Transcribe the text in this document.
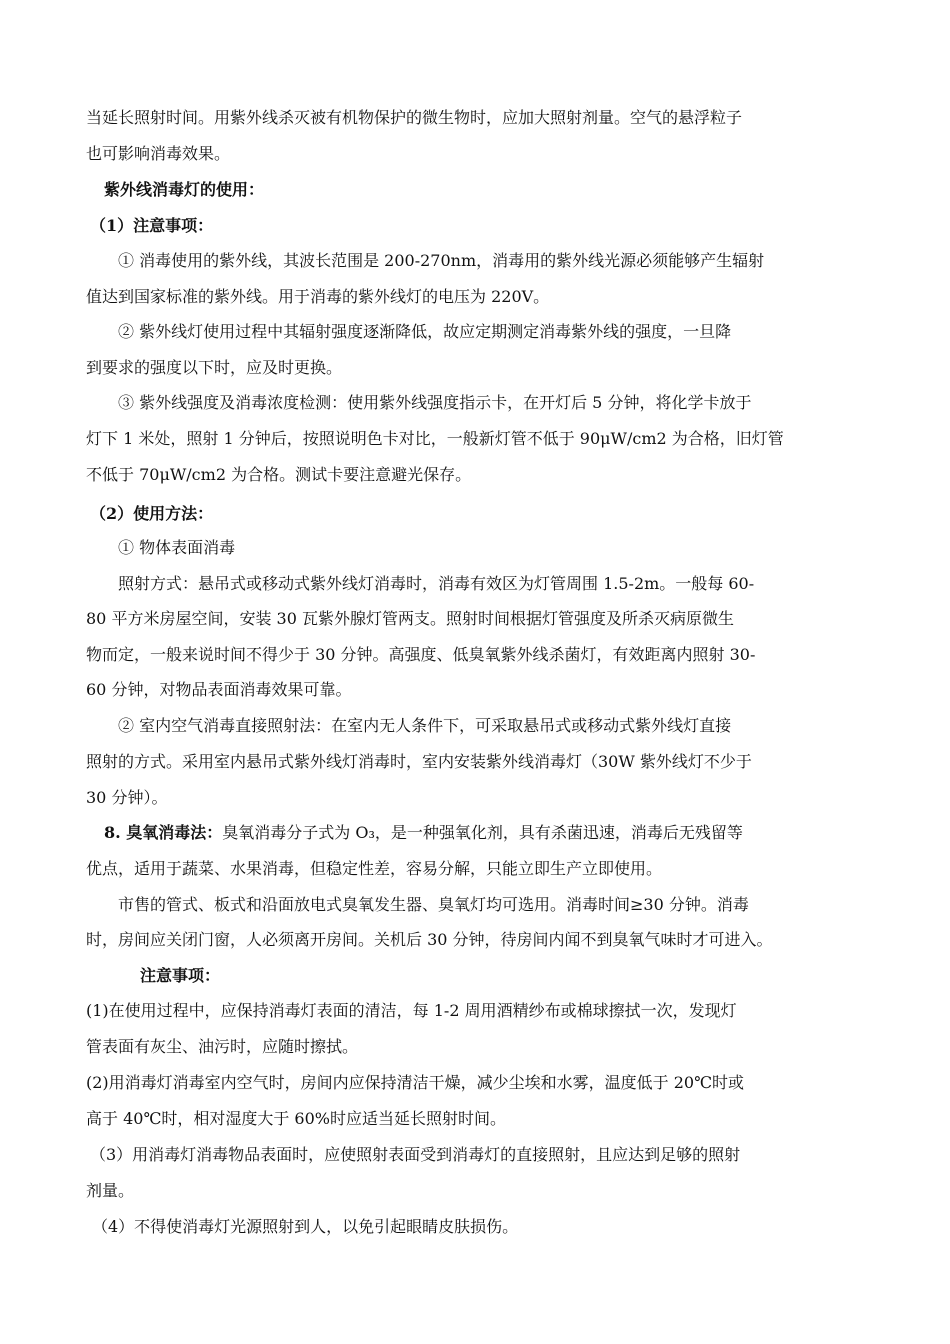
当延长照射时间。用紫外线杀灭被有机物保护的微生物时，应加大照射剂量。空气的悬浮粒子
也可影响消毒效果。
紫外线消毒灯的使用：
（1）注意事项：
① 消毒使用的紫外线，其波长范围是 200-270nm，消毒用的紫外线光源必须能够产生辐射
值达到国家标准的紫外线。用于消毒的紫外线灯的电压为 220V。
② 紫外线灯使用过程中其辐射强度逐渐降低，故应定期测定消毒紫外线的强度，一旦降
到要求的强度以下时，应及时更换。
③ 紫外线强度及消毒浓度检测：使用紫外线强度指示卡，在开灯后 5 分钟，将化学卡放于
灯下 1 米处，照射 1 分钟后，按照说明色卡对比，一般新灯管不低于 90μW/cm2 为合格，旧灯管
不低于 70μW/cm2 为合格。测试卡要注意避光保存。
（2）使用方法：
① 物体表面消毒
照射方式：悬吊式或移动式紫外线灯消毒时，消毒有效区为灯管周围 1.5-2m。一般每 60-
80 平方米房屋空间，安装 30 瓦紫外腺灯管两支。照射时间根据灯管强度及所杀灭病原微生
物而定，一般来说时间不得少于 30 分钟。高强度、低臭氧紫外线杀菌灯，有效距离内照射 30-
60 分钟，对物品表面消毒效果可靠。
② 室内空气消毒直接照射法：在室内无人条件下，可采取悬吊式或移动式紫外线灯直接
照射的方式。采用室内悬吊式紫外线灯消毒时，室内安装紫外线消毒灯（30W 紫外线灯不少于
30 分钟）。
8. 臭氧消毒法：臭氧消毒分子式为 O₃，是一种强氧化剂，具有杀菌迅速，消毒后无残留等
优点，适用于蔬菜、水果消毒，但稳定性差，容易分解，只能立即生产立即使用。
市售的管式、板式和沿面放电式臭氧发生器、臭氧灯均可选用。消毒时间≥30 分钟。消毒
时，房间应关闭门窗，人必须离开房间。关机后 30 分钟，待房间内闻不到臭氧气味时才可进入。
注意事项：
(1)在使用过程中，应保持消毒灯表面的清洁，每 1-2 周用酒精纱布或棉球擦拭一次，发现灯
管表面有灰尘、油污时，应随时擦拭。
(2)用消毒灯消毒室内空气时，房间内应保持清洁干燥，减少尘埃和水雾，温度低于 20℃时或
高于 40℃时，相对湿度大于 60%时应适当延长照射时间。
（3）用消毒灯消毒物品表面时，应使照射表面受到消毒灯的直接照射，且应达到足够的照射
剂量。
（4）不得使消毒灯光源照射到人，以免引起眼睛皮肤损伤。
